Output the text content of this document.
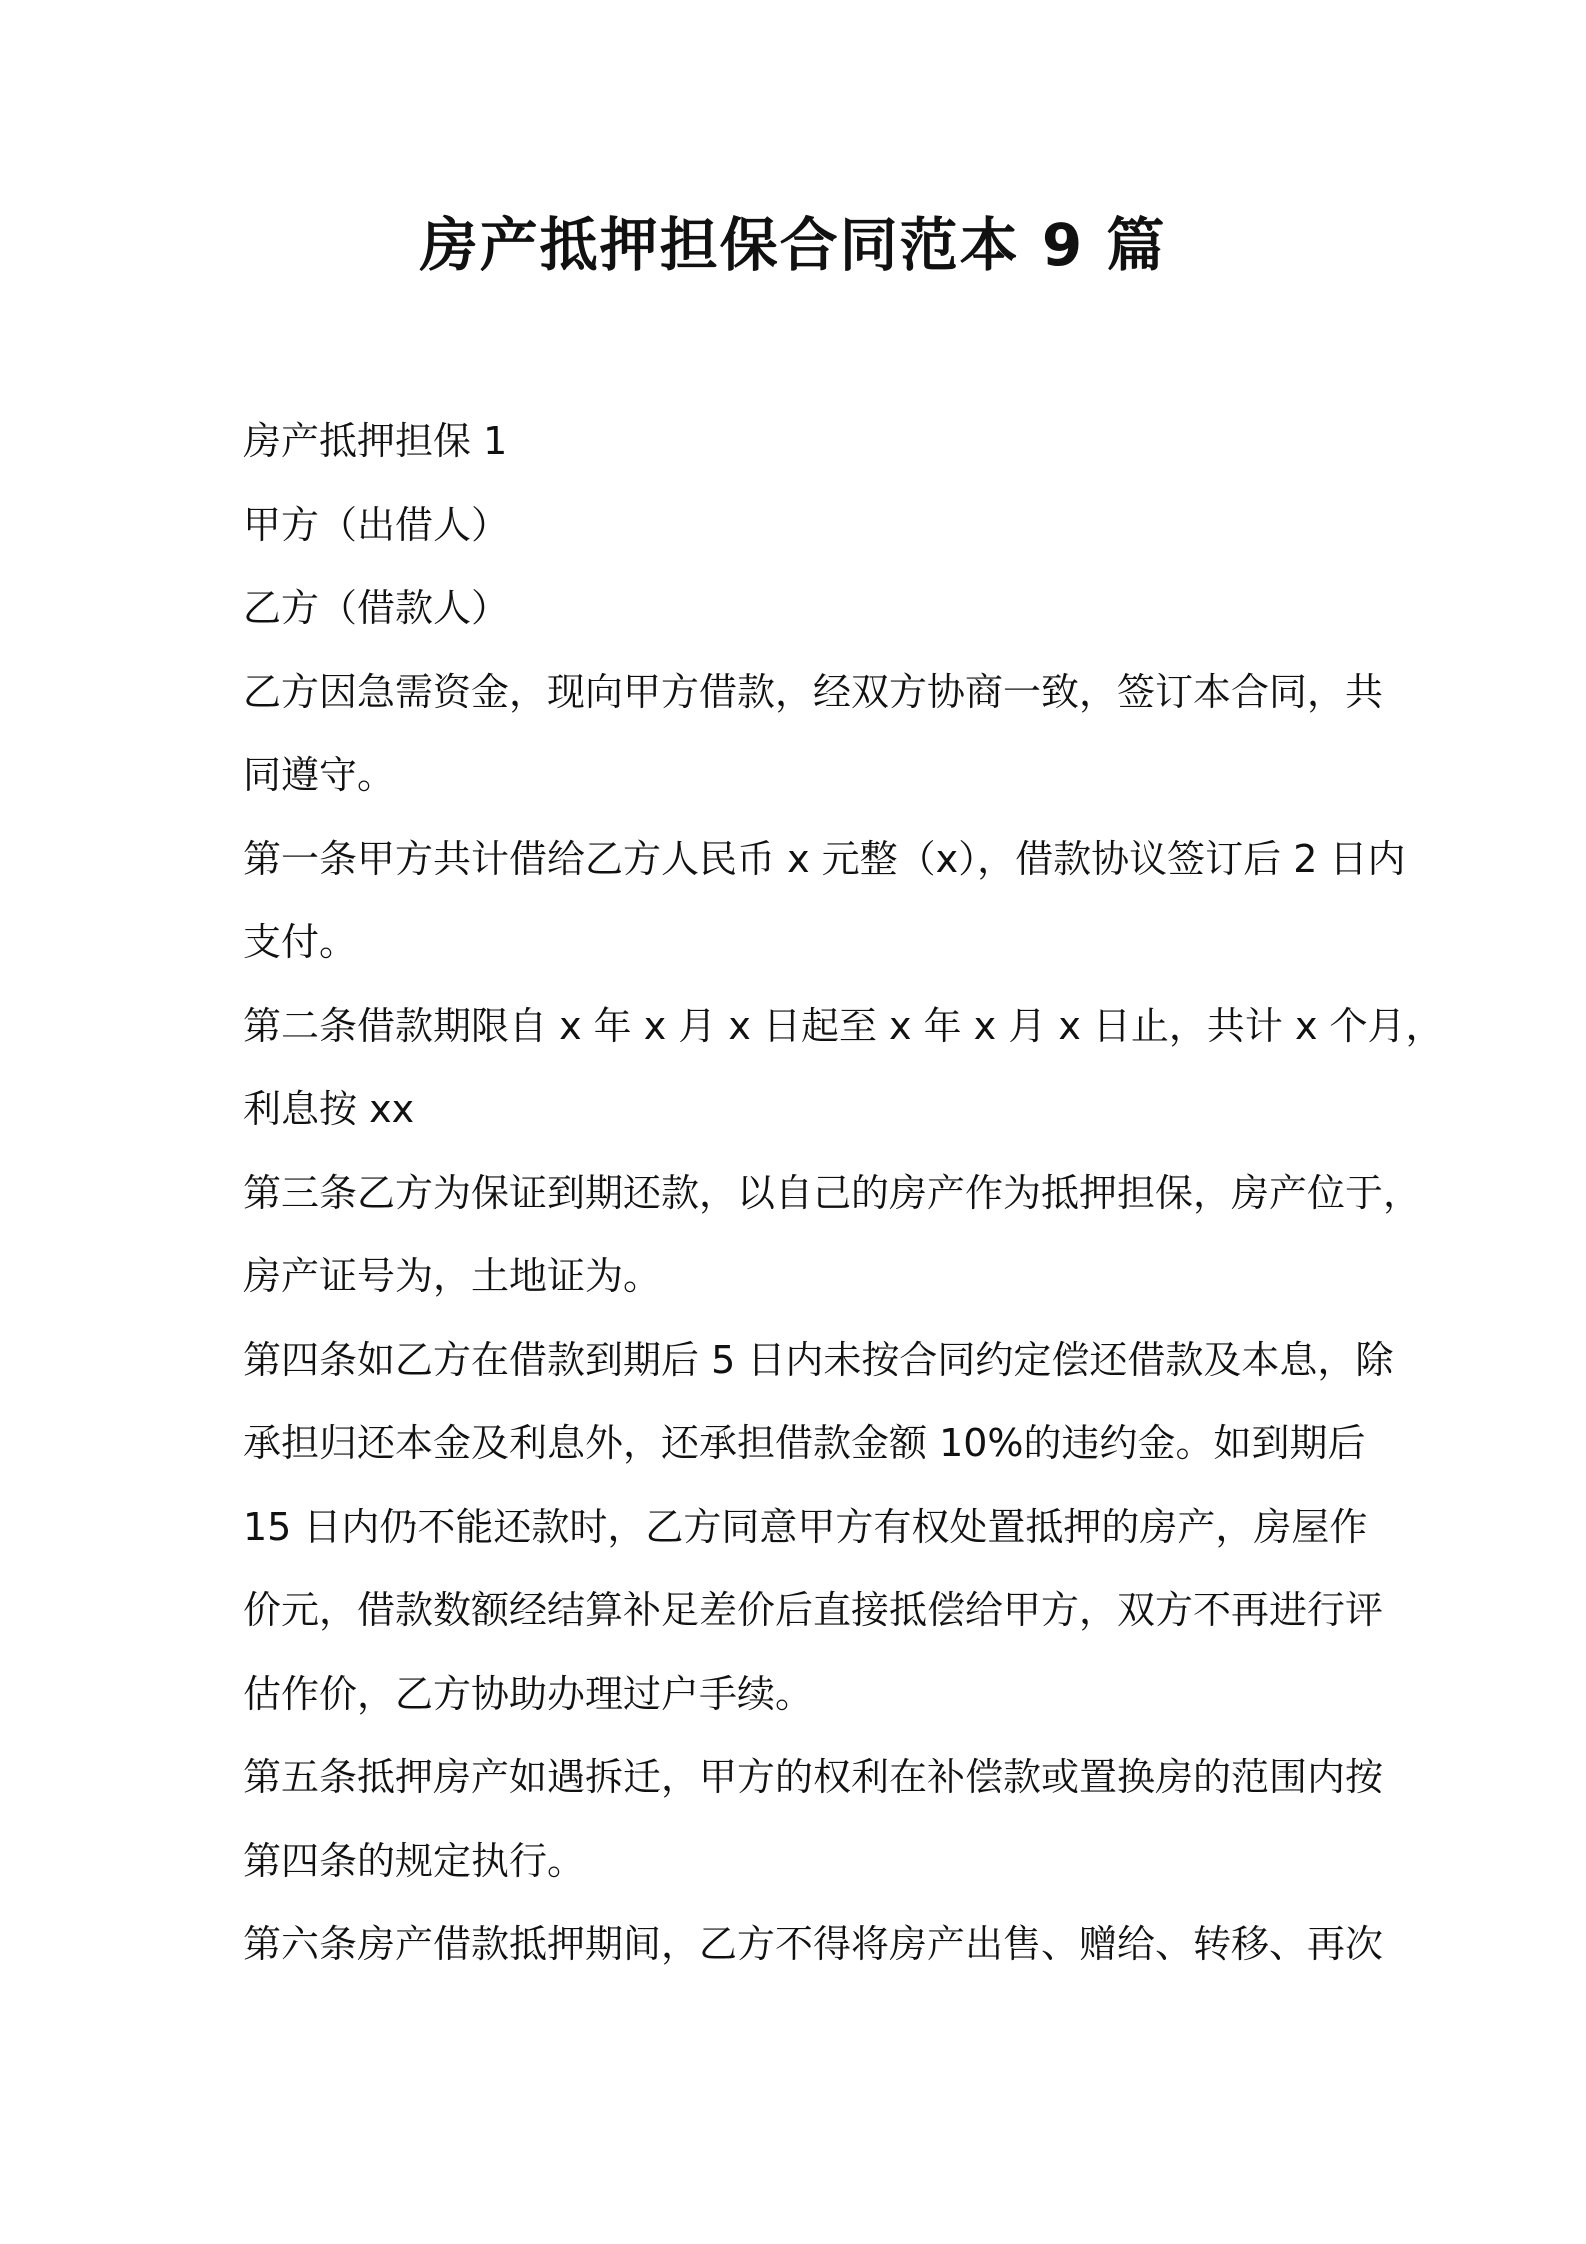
房产抵押担保合同范本 9 篇
房产抵押担保 1
甲方（出借人）
乙方（借款人）
乙方因急需资金，现向甲方借款，经双方协商一致，签订本合同，共
同遵守。
第一条甲方共计借给乙方人民币 x 元整（x），借款协议签订后 2 日内
支付。
第二条借款期限自 x 年 x 月 x 日起至 x 年 x 月 x 日止，共计 x 个月，
利息按 xx
第三条乙方为保证到期还款，以自己的房产作为抵押担保，房产位于，
房产证号为，土地证为。
第四条如乙方在借款到期后 5 日内未按合同约定偿还借款及本息，除
承担归还本金及利息外，还承担借款金额 10%的违约金。如到期后
15 日内仍不能还款时，乙方同意甲方有权处置抵押的房产，房屋作
价元，借款数额经结算补足差价后直接抵偿给甲方，双方不再进行评
估作价，乙方协助办理过户手续。
第五条抵押房产如遇拆迁，甲方的权利在补偿款或置换房的范围内按
第四条的规定执行。
第六条房产借款抵押期间，乙方不得将房产出售、赠给、转移、再次
